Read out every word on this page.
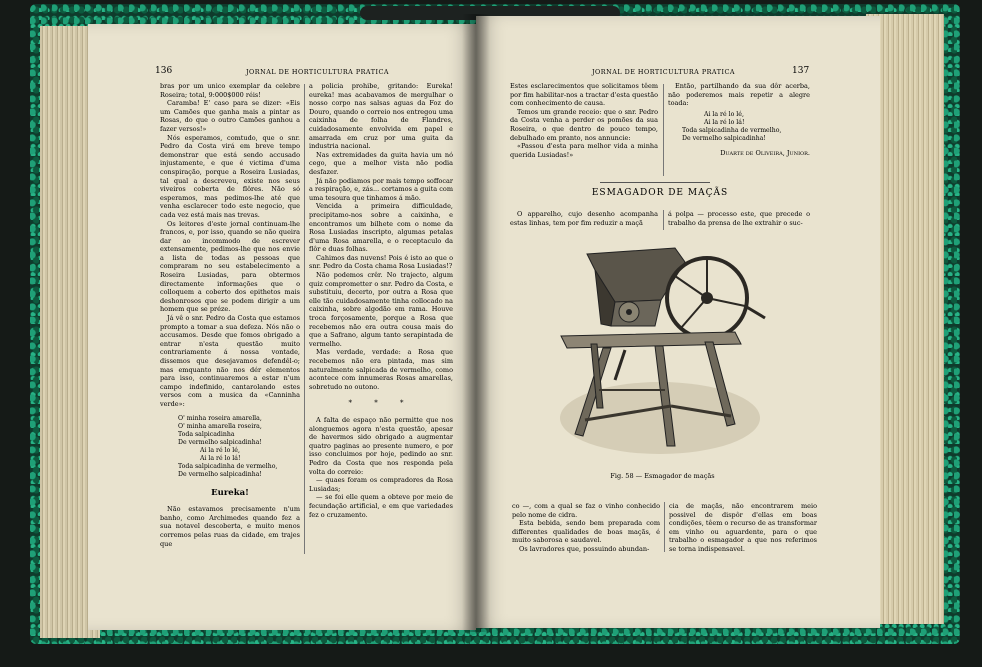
136	JORNAL DE HORTICULTURA PRATICA

bras por um unico exemplar da celebre Roseira; total, 9:000$000 réis!

Caramba! E' caso para se dizer: «Eis um Camões que ganha mais a pintar as Rosas, do que o outro Camões ganhou a fazer versos!»

Nós esperamos, comtudo, que o snr. Pedro da Costa virá em breve tempo demonstrar que está sendo accusado injustamente, e que é victima d'uma conspiração, porque a Roseira Lusiadas, tal qual a descreveu, existe nos seus viveiros coberta de flôres. Não só esperamos, mas pedimos-lhe até que venha esclarecer todo este negocio, que cada vez está mais nas trevas.

Os leitores d'este jornal continuam-lhe francos, e, por isso, quando se não queira dar ao incommodo de escrever extensamente, pedimos-lhe que nos envie a lista de todas as pessoas que compraram no seu estabelecimento a Roseira Lusiadas, para obtermos directamente informações que o colloquem a coberto dos epithetos mais deshonrosos que se podem dirigir a um homem que se préze.

Já vê o snr. Pedro da Costa que estamos prompto a tomar a sua defeza. Nós não o accusamos. Desde que fomos obrigado a entrar n'esta questão muito contrariamente á nossa vontade, dissemos que desejavamos defendêl-o; mas emquanto não nos dér elementos para isso, continuaremos a estar n'um campo indefinido, cantarolando estes versos com a musica da «Canninha verde»:

O' minha roseira amarella,
O' minha amarella roseira,
Toda salpicadinha
De vermelho salpicadinha!
Ai la ré lo lé,
Ai la ré lo lá!
Toda salpicadinha de vermelho,
De vermelho salpicadinha!
Eureka!

Não estavamos precisamente n'um banho, como Archimedes quando fez a sua notavel descoberta, e muito menos corremos pelas ruas da cidade, em trajes que

a policia prohibe, gritando: Eureka! eureka! mas acabavamos de mergulhar o nosso corpo nas salsas aguas da Foz do Douro, quando o correio nos entregou uma caixinha de folha de Flandres, cuidadosamente envolvida em papel e amarrada em cruz por uma guita da industria nacional.

Nas extremidades da guita havia um nó cego, que a melhor vista não podia desfazer.

Já não podiamos por mais tempo soffocar a respiração, e, zás... cortamos a guita com uma tesoura que tinhamos á mão.

Vencida a primeira difficuldade, precipitamo-nos sobre a caixinha, e encontramos um bilhete com o nome da Rosa Lusiadas inscripto, algumas petalas d'uma Rosa amarella, e o receptaculo da flôr e duas folhas.

Cahimos das nuvens! Pois é isto ao que o snr. Pedro da Costa chama Rosa Lusiadas!?

Não podemos crêr. No trajecto, algum quiz comprometter o snr. Pedro da Costa, e substituiu, decerto, por outra a Rosa que elle tão cuidadosamente tinha collocado na caixinha, sobre algodão em rama. Houve troca forçosamente, porque a Rosa que recebemos não era outra cousa mais do que a Safrano, algum tanto serapintada de vermelho.

Mas verdade, verdade: a Rosa que recebemos não era pintada, mas sim naturalmente salpicada de vermelho, como acontece com innumeras Rosas amarellas, sobretudo no outono.

* * *

A falta de espaço não permitte que nos alonguemos agora n'esta questão, apesar de havermos sido obrigado a augmentar quatro paginas ao presente numero, e por isso concluimos por hoje, pedindo ao snr. Pedro da Costa que nos responda pela volta do correio:

— quaes foram os compradores da Rosa Lusiadas;

— se foi elle quem a obteve por meio de fecundação artificial, e em que variedades fez o cruzamento.

JORNAL DE HORTICULTURA PRATICA	137

Estes esclarecimentos que solicitamos têem por fim habilitar-nos a tractar d'esta questão com conhecimento de causa.

Temos um grande receio: que o snr. Pedro da Costa venha a perder os pomões da sua Roseira, o que dentro de pouco tempo, debulhado em pranto, nos annuncie:

«Passou d'esta para melhor vida a minha querida Lusiadas!»

Então, partilhando da sua dôr acerba, não poderemos mais repetir a alegre toada:

Ai la ré lo lé,
Ai la ré lo lá!
Toda salpicadinha de vermelho,
De vermelho salpicadinha!
Duarte de Oliveira, Junior.
ESMAGADOR DE MAÇÃS

O apparelho, cujo desenho acompanha estas linhas, tem por fim reduzir a maçã

á polpa — processo este, que precede o trabalho da prensa de lhe extrahir o suc-

Fig. 58 — Esmagador de maçãs

co —, com a qual se faz o vinho conhecido pelo nome de cidra.

Esta bebida, sendo bem preparada com differentes qualidades de boas maçãs, é muito saborosa e saudavel.

Os lavradores que, possuindo abundan-

cia de maçãs, não encontrarem meio possivel de dispôr d'ellas em boas condições, têem o recurso de as transformar em vinho ou aguardente, para o que trabalho o esmagador a que nos referimos se torna indispensavel.
